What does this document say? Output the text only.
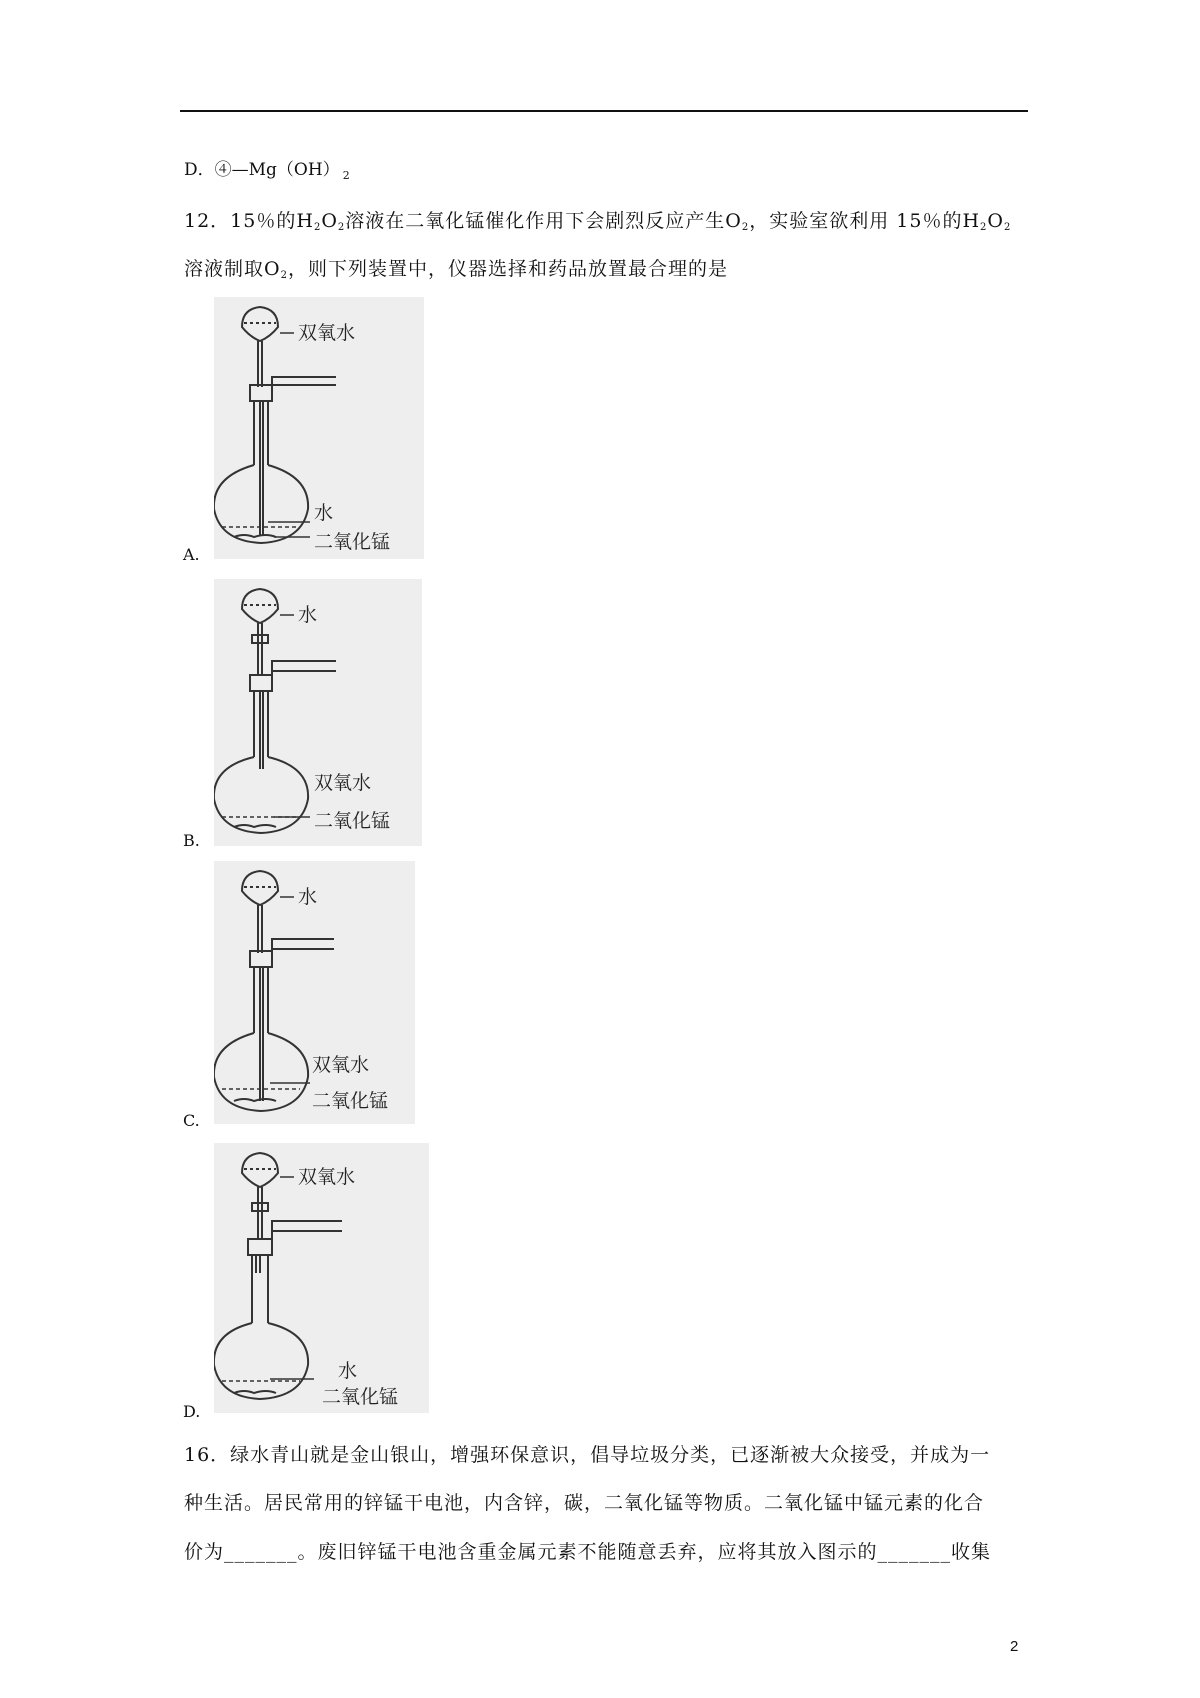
D．④—Mg（OH） $_2$
12．15％的$H_2O_2$溶液在二氧化锰催化作用下会剧烈反应产生$O_2$，实验室欲利用 15％的$H_2O_2$
溶液制取$O_2$，则下列装置中，仪器选择和药品放置最合理的是
双氧水
水
二氧化锰
A.
水
双氧水
二氧化锰
B.
水
双氧水
二氧化锰
C.
双氧水
水
二氧化锰
D.
16．绿水青山就是金山银山，增强环保意识，倡导垃圾分类，已逐渐被大众接受，并成为一
种生活。居民常用的锌锰干电池，内含锌，碳，二氧化锰等物质。二氧化锰中锰元素的化合
价为_______。废旧锌锰干电池含重金属元素不能随意丢弃，应将其放入图示的_______收集
2
